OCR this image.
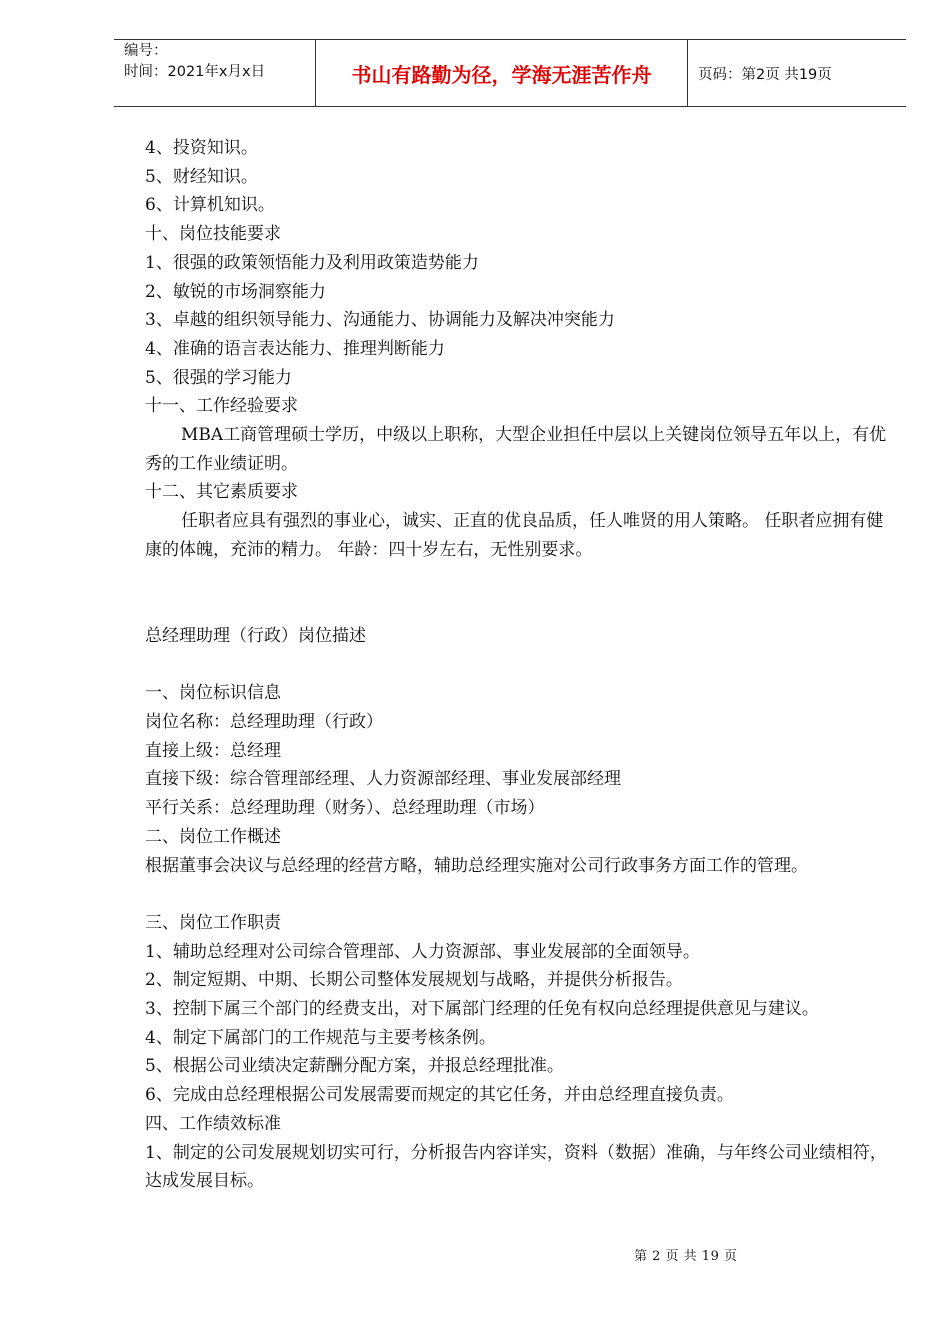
编号：
时间：2021年x月x日	书山有路勤为径，学海无涯苦作舟	页码：第2页 共19页
4、投资知识。
5、财经知识。
6、计算机知识。
十、岗位技能要求
1、很强的政策领悟能力及利用政策造势能力
2、敏锐的市场洞察能力
3、卓越的组织领导能力、沟通能力、协调能力及解决冲突能力
4、准确的语言表达能力、推理判断能力
5、很强的学习能力
十一、工作经验要求
MBA工商管理硕士学历，中级以上职称，大型企业担任中层以上关键岗位领导五年以上，有优秀的工作业绩证明。
十二、其它素质要求
任职者应具有强烈的事业心，诚实、正直的优良品质，任人唯贤的用人策略。 任职者应拥有健康的体魄，充沛的精力。 年龄：四十岁左右，无性别要求。
总经理助理（行政）岗位描述
一、岗位标识信息
岗位名称：总经理助理（行政）
直接上级：总经理
直接下级：综合管理部经理、人力资源部经理、事业发展部经理
平行关系：总经理助理（财务）、总经理助理（市场）
二、岗位工作概述
根据董事会决议与总经理的经营方略，辅助总经理实施对公司行政事务方面工作的管理。
三、岗位工作职责
1、辅助总经理对公司综合管理部、人力资源部、事业发展部的全面领导。
2、制定短期、中期、长期公司整体发展规划与战略，并提供分析报告。
3、控制下属三个部门的经费支出，对下属部门经理的任免有权向总经理提供意见与建议。
4、制定下属部门的工作规范与主要考核条例。
5、根据公司业绩决定薪酬分配方案，并报总经理批准。
6、完成由总经理根据公司发展需要而规定的其它任务，并由总经理直接负责。
四、工作绩效标准
1、制定的公司发展规划切实可行，分析报告内容详实，资料（数据）准确，与年终公司业绩相符，达成发展目标。
第 2 页 共 19 页
